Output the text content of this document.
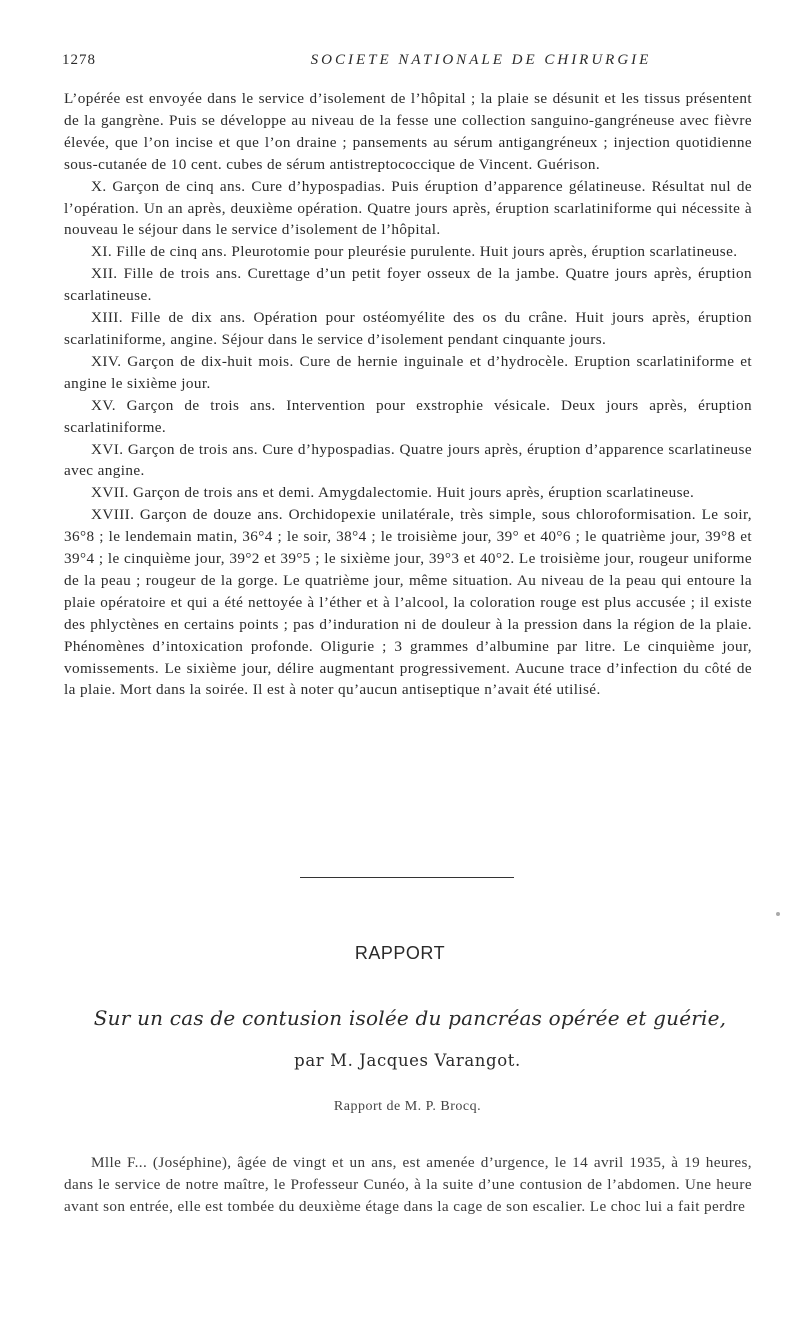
1278	SOCIETE NATIONALE DE CHIRURGIE

L’opérée est envoyée dans le service d’isolement de l’hôpital ; la plaie se désunit et les tissus présentent de la gangrène. Puis se développe au niveau de la fesse une collection sanguino-gangréneuse avec fièvre élevée, que l’on incise et que l’on draine ; pansements au sérum antigangréneux ; injection quotidienne sous-cutanée de 10 cent. cubes de sérum antistreptococcique de Vincent. Guérison.

X. Garçon de cinq ans. Cure d’hypospadias. Puis éruption d’apparence gélatineuse. Résultat nul de l’opération. Un an après, deuxième opération. Quatre jours après, éruption scarlatiniforme qui nécessite à nouveau le séjour dans le service d’isolement de l’hôpital.

XI. Fille de cinq ans. Pleurotomie pour pleurésie purulente. Huit jours après, éruption scarlatineuse.

XII. Fille de trois ans. Curettage d’un petit foyer osseux de la jambe. Quatre jours après, éruption scarlatineuse.

XIII. Fille de dix ans. Opération pour ostéomyélite des os du crâne. Huit jours après, éruption scarlatiniforme, angine. Séjour dans le service d’isolement pendant cinquante jours.

XIV. Garçon de dix-huit mois. Cure de hernie inguinale et d’hydrocèle. Eruption scarlatiniforme et angine le sixième jour.

XV. Garçon de trois ans. Intervention pour exstrophie vésicale. Deux jours après, éruption scarlatiniforme.

XVI. Garçon de trois ans. Cure d’hypospadias. Quatre jours après, éruption d’apparence scarlatineuse avec angine.

XVII. Garçon de trois ans et demi. Amygdalectomie. Huit jours après, éruption scarlatineuse.

XVIII. Garçon de douze ans. Orchidopexie unilatérale, très simple, sous chloroformisation. Le soir, 36°8 ; le lendemain matin, 36°4 ; le soir, 38°4 ; le troisième jour, 39° et 40°6 ; le quatrième jour, 39°8 et 39°4 ; le cinquième jour, 39°2 et 39°5 ; le sixième jour, 39°3 et 40°2. Le troisième jour, rougeur uniforme de la peau ; rougeur de la gorge. Le quatrième jour, même situation. Au niveau de la peau qui entoure la plaie opératoire et qui a été nettoyée à l’éther et à l’alcool, la coloration rouge est plus accusée ; il existe des phlyctènes en certains points ; pas d’induration ni de douleur à la pression dans la région de la plaie. Phénomènes d’intoxication profonde. Oligurie ; 3 grammes d’albumine par litre. Le cinquième jour, vomissements. Le sixième jour, délire augmentant progressivement. Aucune trace d’infection du côté de la plaie. Mort dans la soirée. Il est à noter qu’aucun antiseptique n’avait été utilisé.

RAPPORT
Sur un cas de contusion isolée du pancréas opérée et guérie,
par M. Jacques Varangot.
Rapport de M. P. Brocq.

Mlle F... (Joséphine), âgée de vingt et un ans, est amenée d’urgence, le 14 avril 1935, à 19 heures, dans le service de notre maître, le Professeur Cunéo, à la suite d’une contusion de l’abdomen. Une heure avant son entrée, elle est tombée du deuxième étage dans la cage de son escalier. Le choc lui a fait perdre
